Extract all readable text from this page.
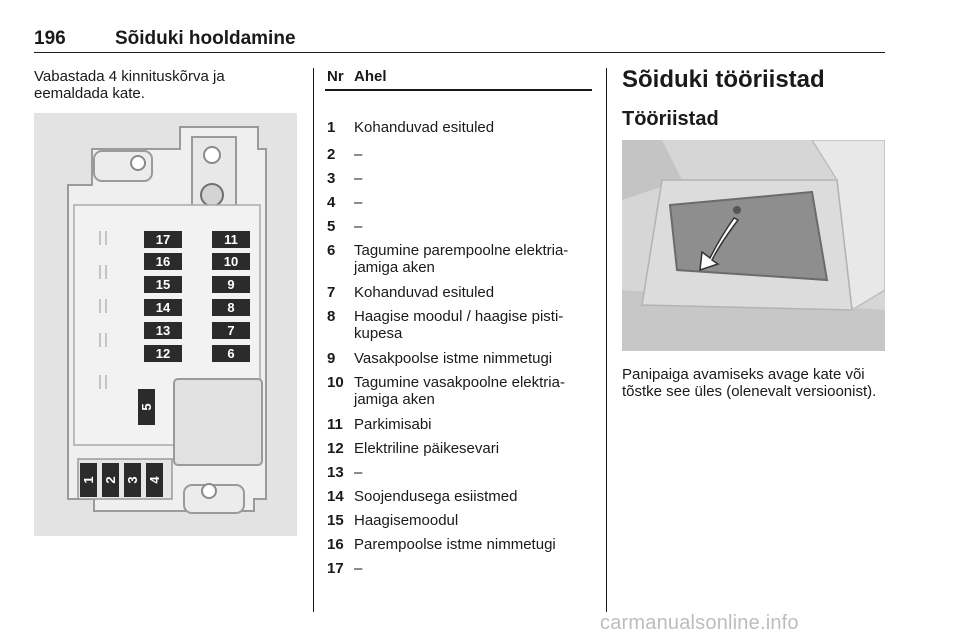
196	Sõiduki hooldamine

Vabastada 4 kinnituskõrva ja eemaldada kate.

17
16
15
14
13
12
11
10
9
8
7
6
5
1 2 3 4
Nr Ahel
1 Kohanduvad esituled
2 –
3 –
4 –
5 –
6 Tagumine parempoolne elektria- jamiga aken
7 Kohanduvad esituled
8 Haagise moodul / haagise pisti- kupesa
9 Vasakpoolse istme nimmetugi
10 Tagumine vasakpoolne elektria- jamiga aken
11 Parkimisabi
12 Elektriline päikesevari
13 –
14 Soojendusega esiistmed
15 Haagisemoodul
16 Parempoolse istme nimmetugi
17 –

Sõiduki tööriistad

Tööriistad

Panipaiga avamiseks avage kate või tõstke see üles (olenevalt versioonist).

carmanualsonline.info
